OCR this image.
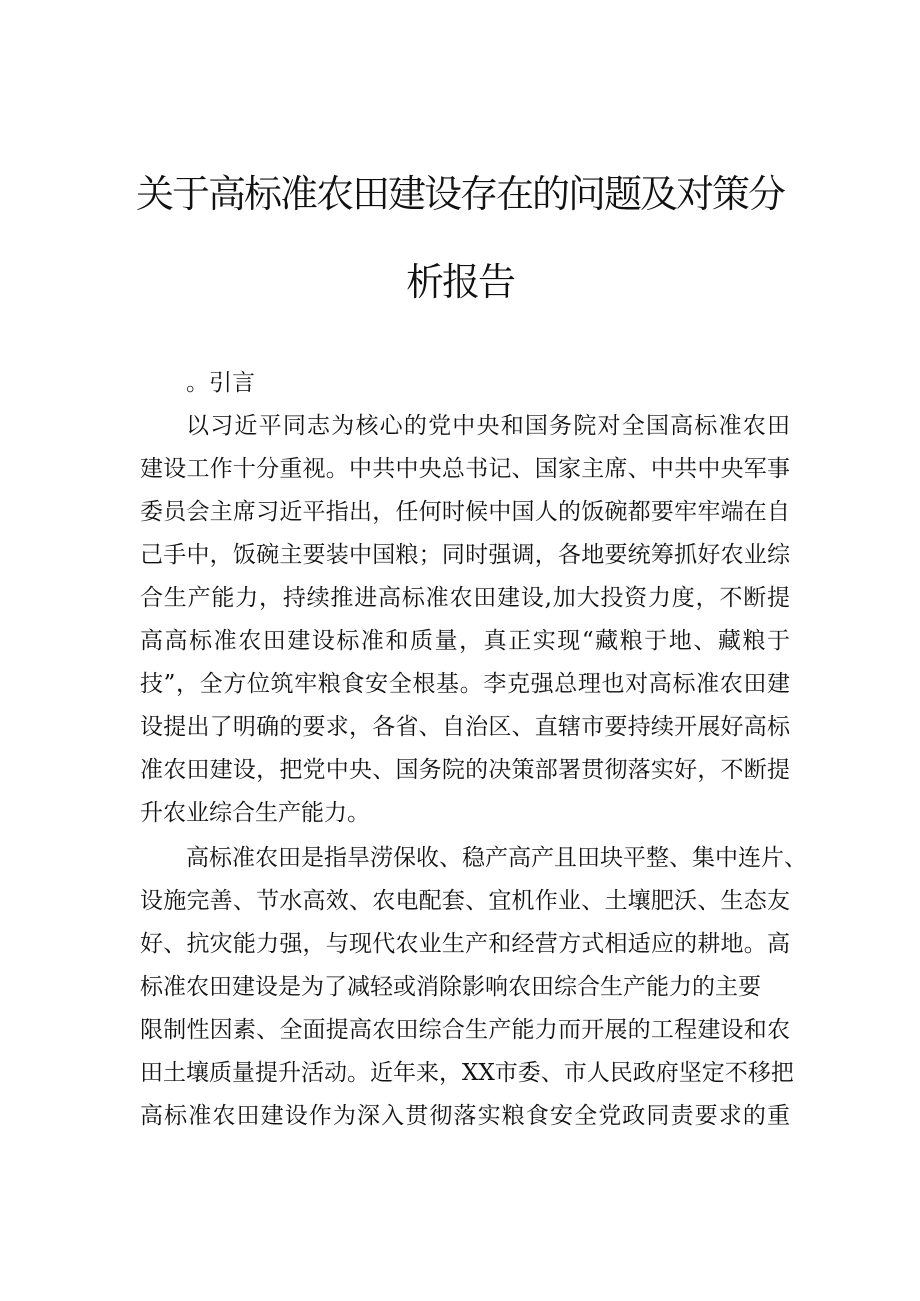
关于高标准农田建设存在的问题及对策分
析报告
。引言
以习近平同志为核心的党中央和国务院对全国高标准农田
建设工作十分重视。中共中央总书记、国家主席、中共中央军事
委员会主席习近平指出，任何时候中国人的饭碗都要牢牢端在自
己手中，饭碗主要装中国粮；同时强调，各地要统筹抓好农业综
合生产能力，持续推进高标准农田建设,加大投资力度，不断提
高高标准农田建设标准和质量，真正实现“藏粮于地、藏粮于
技”，全方位筑牢粮食安全根基。李克强总理也对高标准农田建
设提出了明确的要求，各省、自治区、直辖市要持续开展好高标
准农田建设，把党中央、国务院的决策部署贯彻落实好，不断提
升农业综合生产能力。
高标准农田是指旱涝保收、稳产高产且田块平整、集中连片、
设施完善、节水高效、农电配套、宜机作业、土壤肥沃、生态友
好、抗灾能力强，与现代农业生产和经营方式相适应的耕地。高
标准农田建设是为了减轻或消除影响农田综合生产能力的主要
限制性因素、全面提高农田综合生产能力而开展的工程建设和农
田土壤质量提升活动。近年来，XX市委、市人民政府坚定不移把
高标准农田建设作为深入贯彻落实粮食安全党政同责要求的重
